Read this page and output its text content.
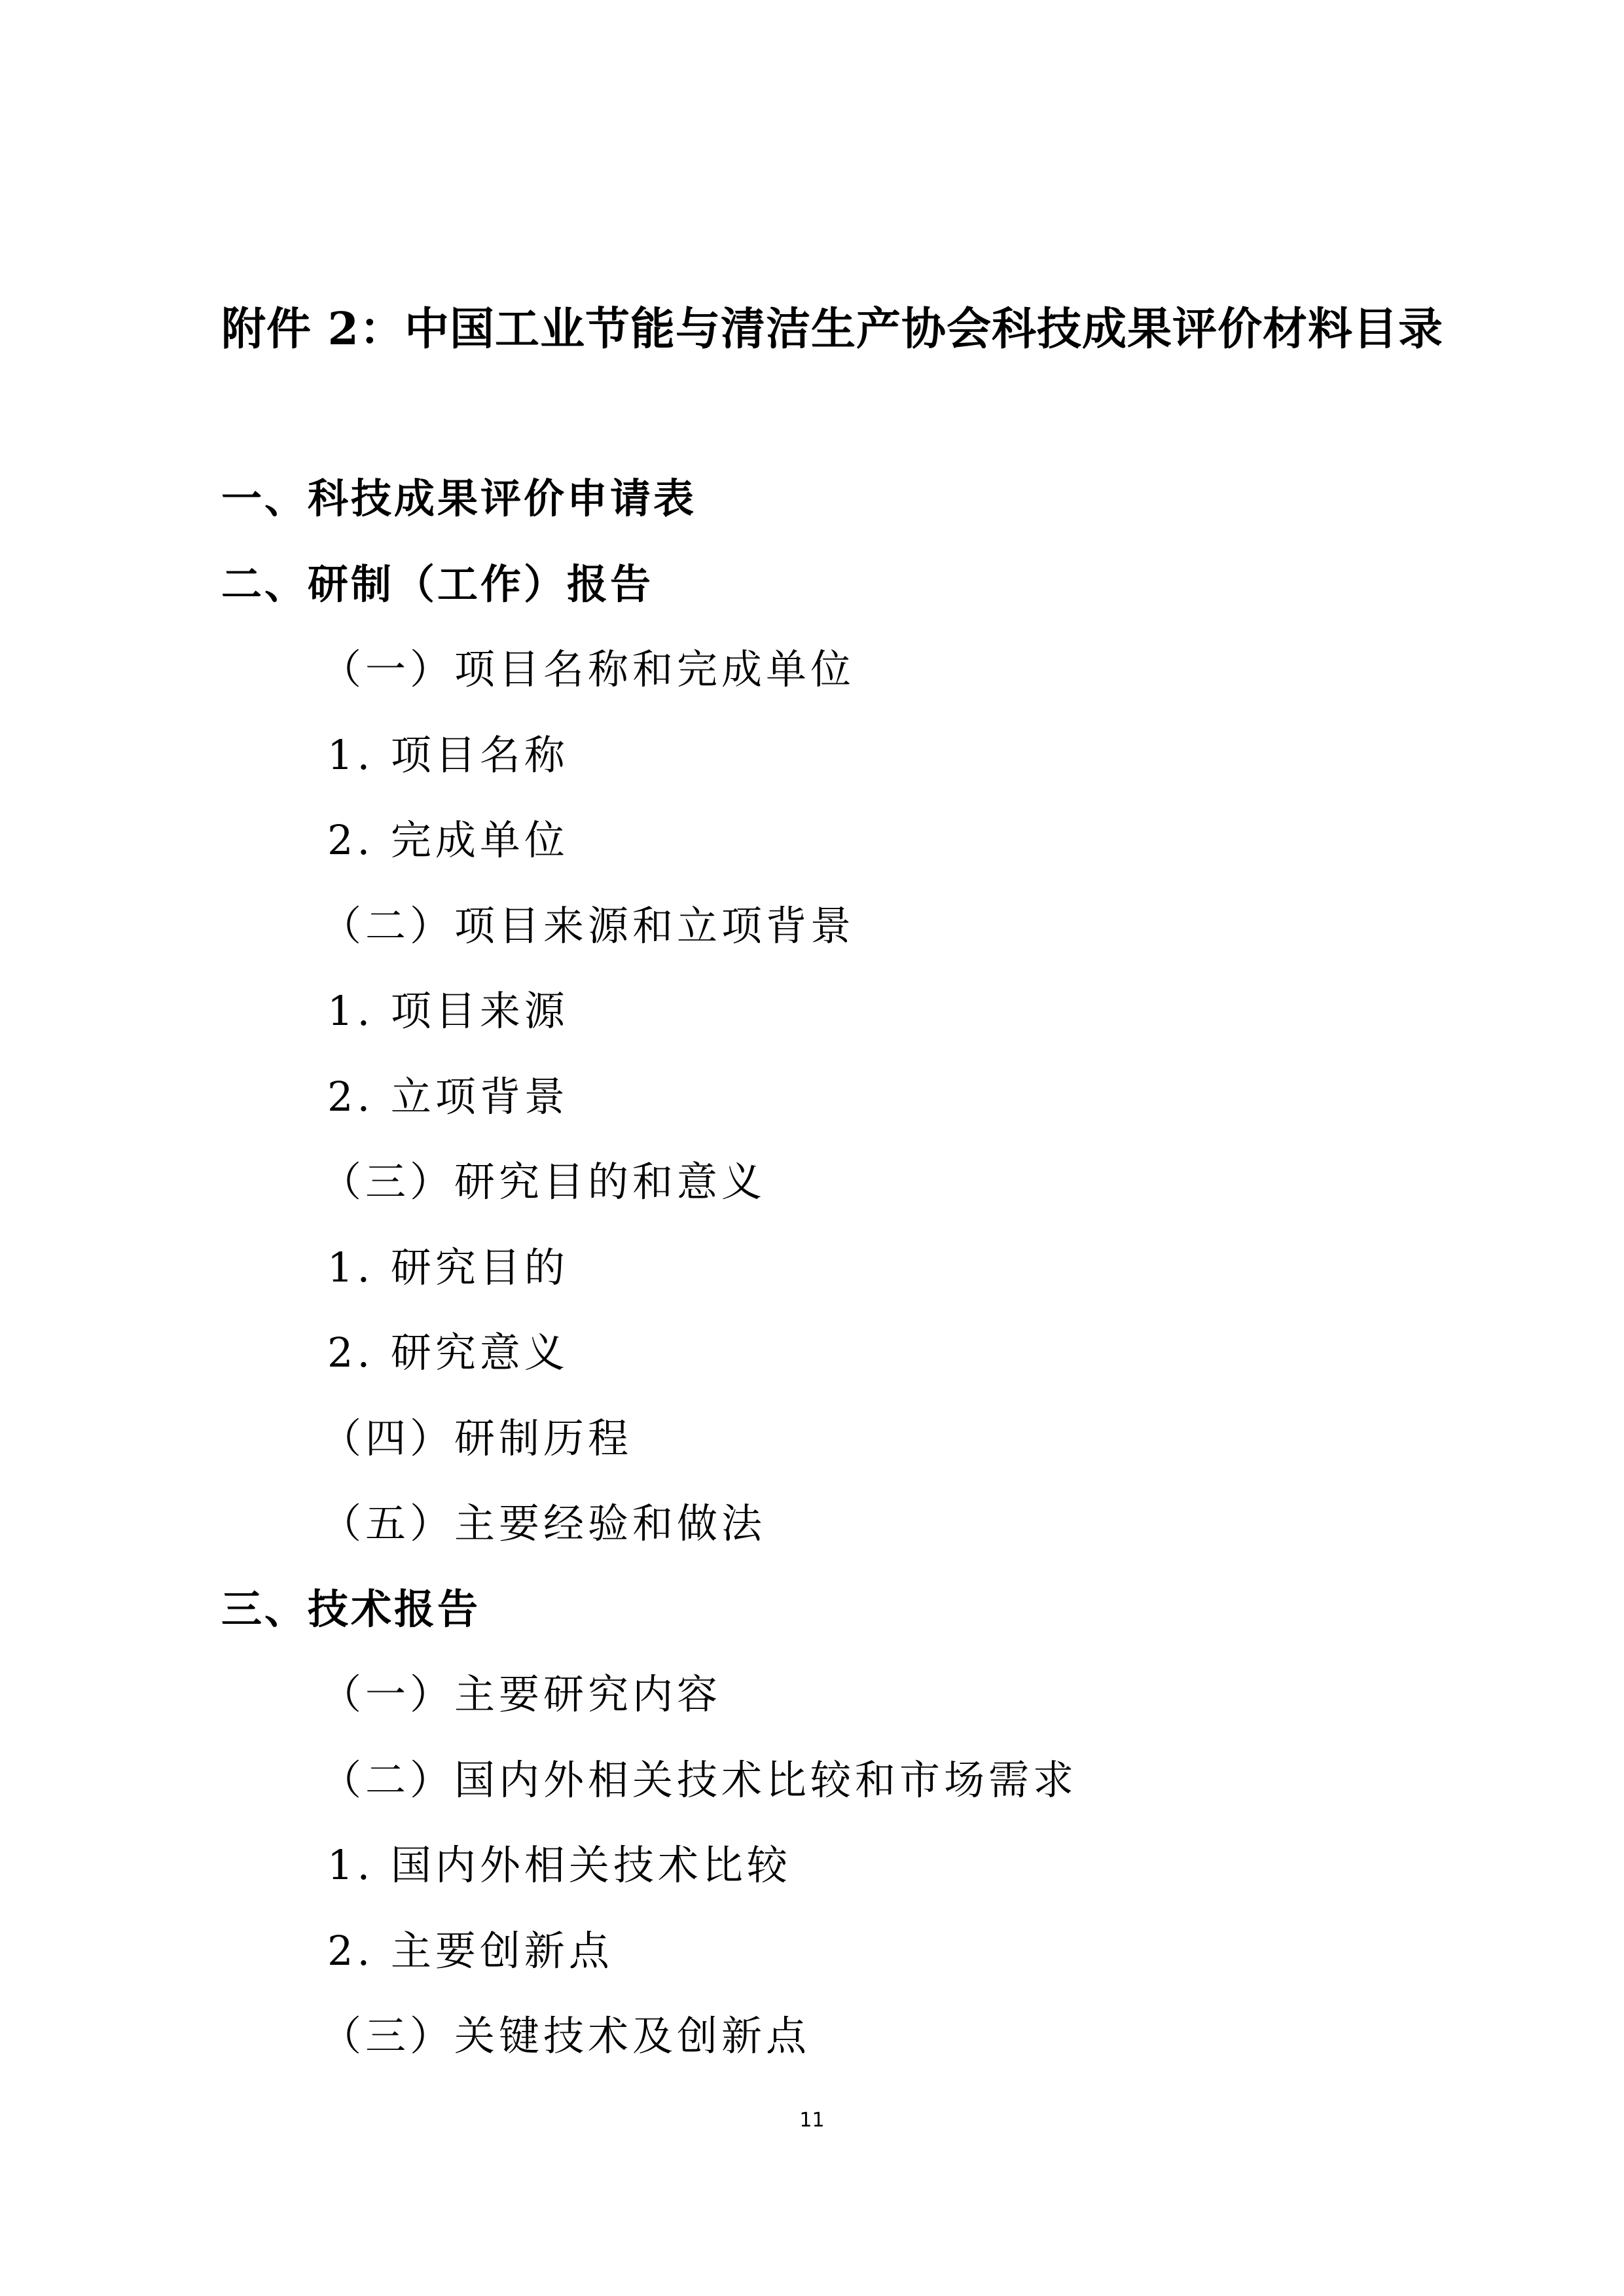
附件 2：中国工业节能与清洁生产协会科技成果评价材料目录
一、科技成果评价申请表
二、研制（工作）报告
（一）项目名称和完成单位
1. 项目名称
2. 完成单位
（二）项目来源和立项背景
1. 项目来源
2. 立项背景
（三）研究目的和意义
1. 研究目的
2. 研究意义
（四）研制历程
（五）主要经验和做法
三、技术报告
（一）主要研究内容
（二）国内外相关技术比较和市场需求
1. 国内外相关技术比较
2. 主要创新点
（三）关键技术及创新点
11
